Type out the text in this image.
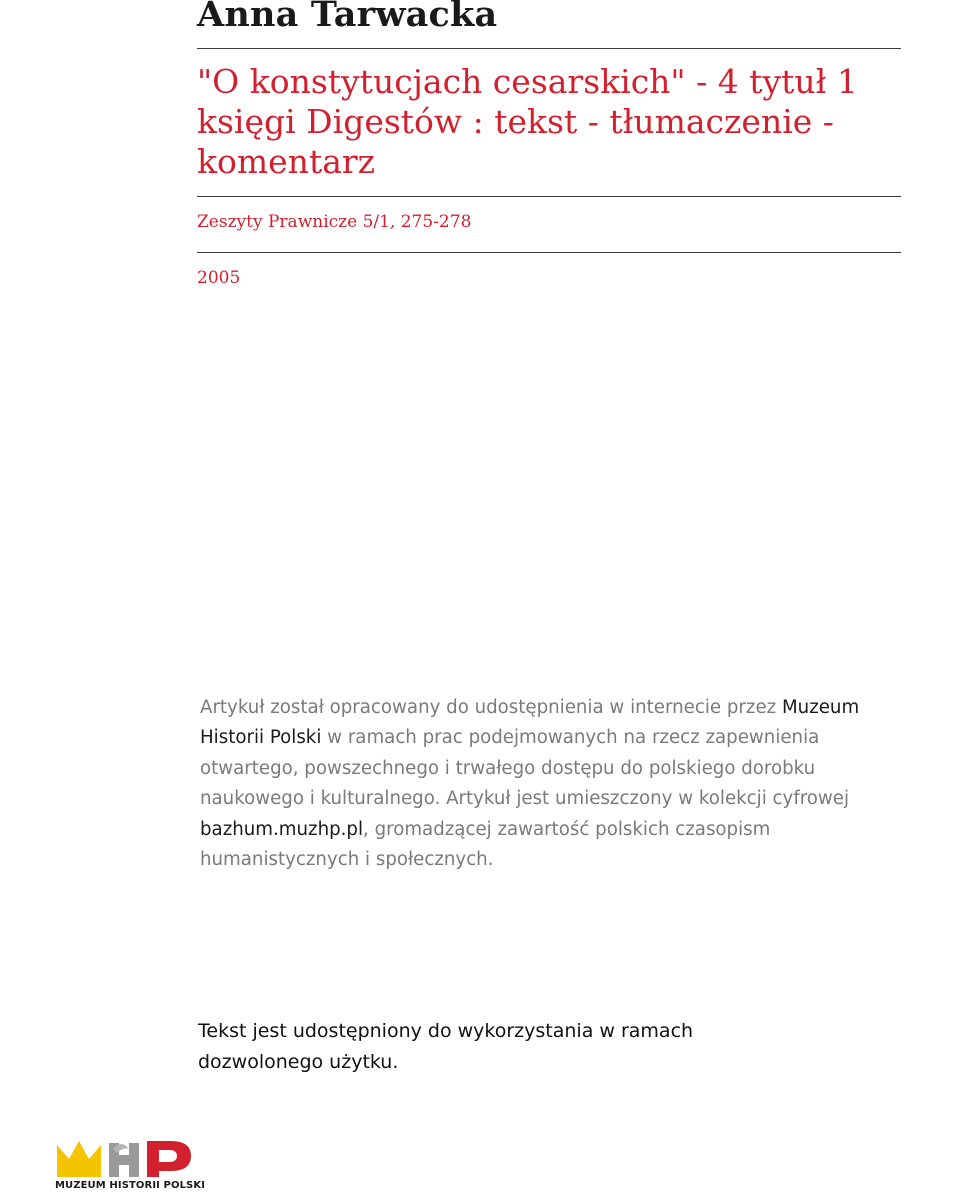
Anna Tarwacka
"O konstytucjach cesarskich" - 4 tytuł 1 księgi Digestów : tekst - tłumaczenie - komentarz
Zeszyty Prawnicze 5/1, 275-278
2005

Artykuł został opracowany do udostępnienia w internecie przez Muzeum Historii Polski w ramach prac podejmowanych na rzecz zapewnienia otwartego, powszechnego i trwałego dostępu do polskiego dorobku naukowego i kulturalnego. Artykuł jest umieszczony w kolekcji cyfrowej bazhum.muzhp.pl, gromadzącej zawartość polskich czasopism humanistycznych i społecznych.

Tekst jest udostępniony do wykorzystania w ramach dozwolonego użytku.

MUZEUM HISTORII POLSKI
